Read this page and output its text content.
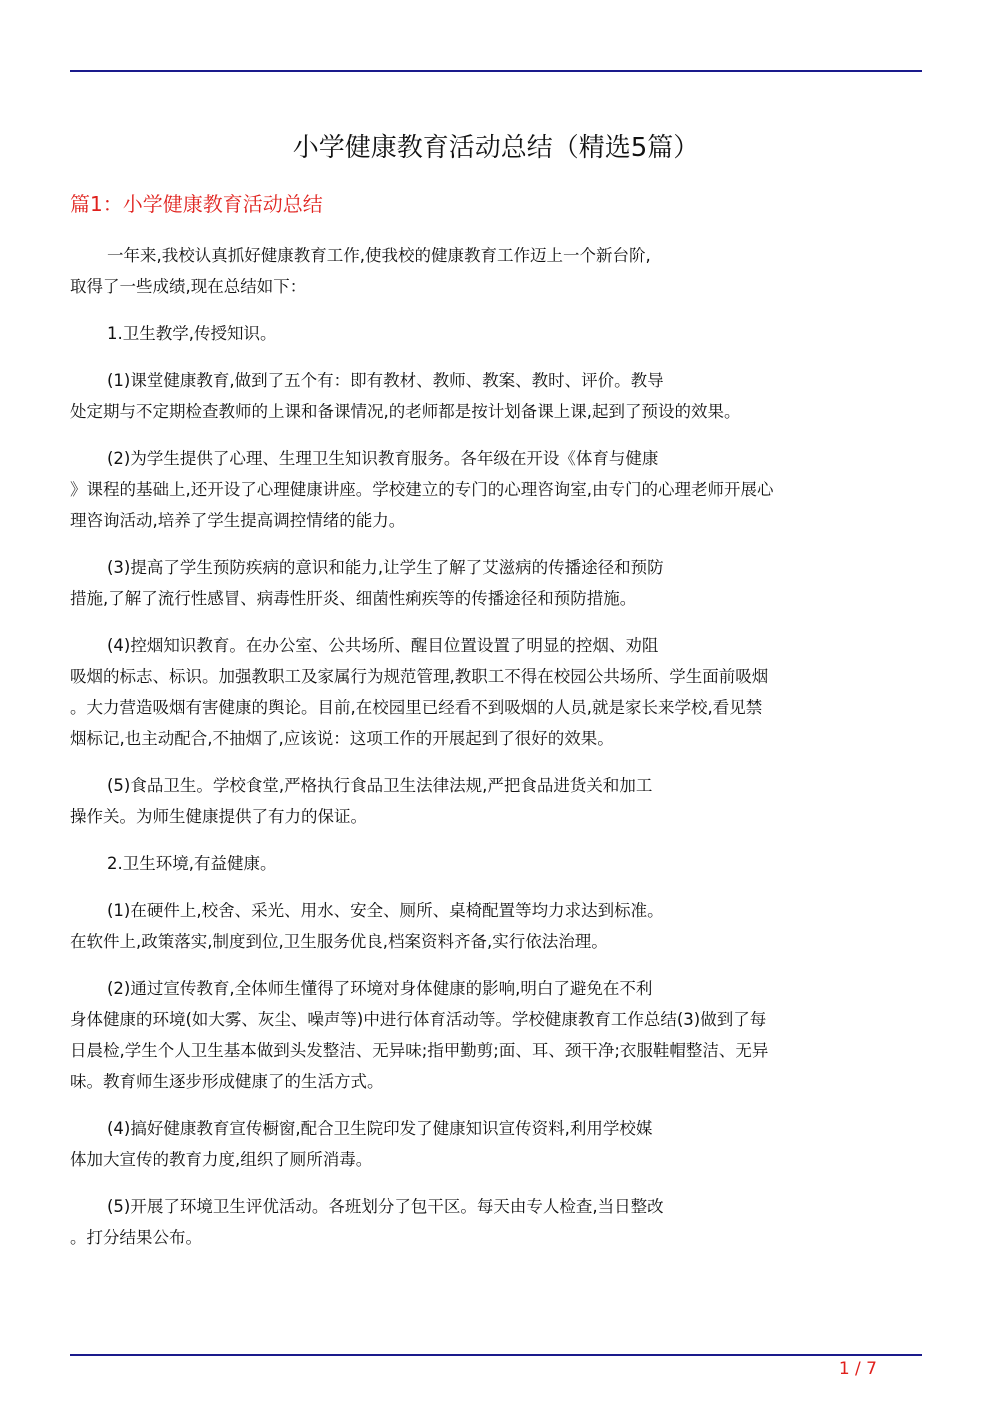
小学健康教育活动总结（精选5篇）
篇1：小学健康教育活动总结
一年来,我校认真抓好健康教育工作,使我校的健康教育工作迈上一个新台阶,
取得了一些成绩,现在总结如下：
1.卫生教学,传授知识。
(1)课堂健康教育,做到了五个有：即有教材、教师、教案、教时、评价。教导
处定期与不定期检查教师的上课和备课情况,的老师都是按计划备课上课,起到了预设的效果。
(2)为学生提供了心理、生理卫生知识教育服务。各年级在开设《体育与健康
》课程的基础上,还开设了心理健康讲座。学校建立的专门的心理咨询室,由专门的心理老师开展心
理咨询活动,培养了学生提高调控情绪的能力。
(3)提高了学生预防疾病的意识和能力,让学生了解了艾滋病的传播途径和预防
措施,了解了流行性感冒、病毒性肝炎、细菌性痢疾等的传播途径和预防措施。
(4)控烟知识教育。在办公室、公共场所、醒目位置设置了明显的控烟、劝阻
吸烟的标志、标识。加强教职工及家属行为规范管理,教职工不得在校园公共场所、学生面前吸烟
。大力营造吸烟有害健康的舆论。目前,在校园里已经看不到吸烟的人员,就是家长来学校,看见禁
烟标记,也主动配合,不抽烟了,应该说：这项工作的开展起到了很好的效果。
(5)食品卫生。学校食堂,严格执行食品卫生法律法规,严把食品进货关和加工
操作关。为师生健康提供了有力的保证。
2.卫生环境,有益健康。
(1)在硬件上,校舍、采光、用水、安全、厕所、桌椅配置等均力求达到标准。
在软件上,政策落实,制度到位,卫生服务优良,档案资料齐备,实行依法治理。
(2)通过宣传教育,全体师生懂得了环境对身体健康的影响,明白了避免在不利
身体健康的环境(如大雾、灰尘、噪声等)中进行体育活动等。学校健康教育工作总结(3)做到了每
日晨检,学生个人卫生基本做到头发整洁、无异味;指甲勤剪;面、耳、颈干净;衣服鞋帽整洁、无异
味。教育师生逐步形成健康了的生活方式。
(4)搞好健康教育宣传橱窗,配合卫生院印发了健康知识宣传资料,利用学校媒
体加大宣传的教育力度,组织了厕所消毒。
(5)开展了环境卫生评优活动。各班划分了包干区。每天由专人检查,当日整改
。打分结果公布。
1 / 7
